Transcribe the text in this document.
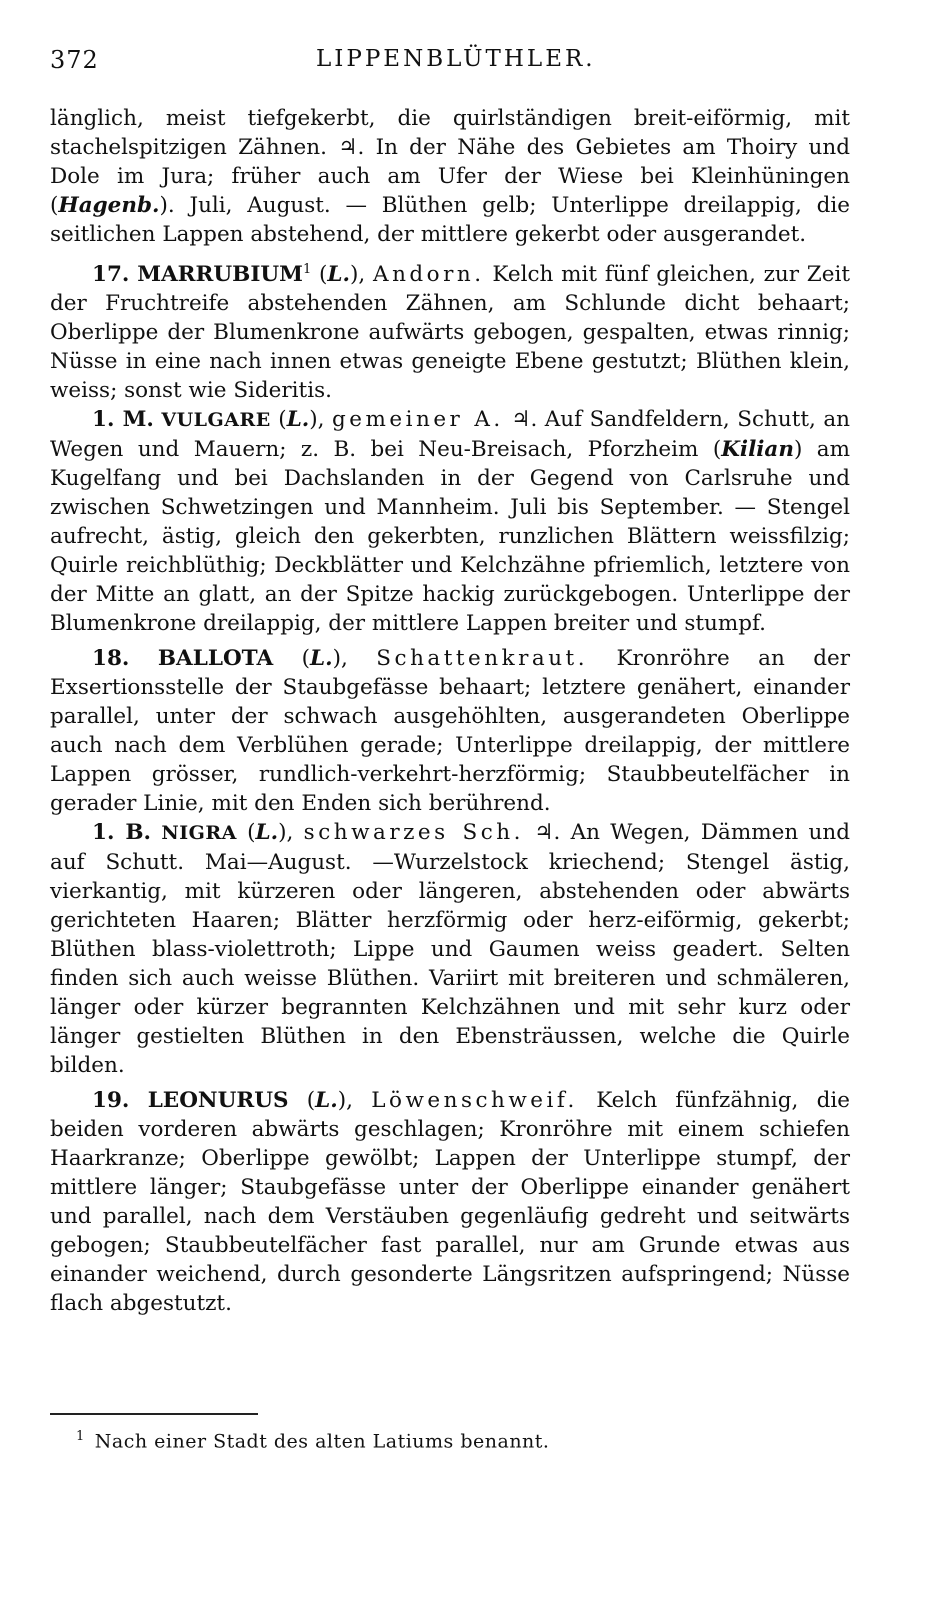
372	LIPPENBLÜTHLER.

länglich, meist tiefgekerbt, die quirlständigen breit-eiförmig, mit stachelspitzigen Zähnen. ♃. In der Nähe des Gebietes am Thoiry und Dole im Jura; früher auch am Ufer der Wiese bei Kleinhüningen (Hagenb.). Juli, August. — Blüthen gelb; Unterlippe dreilappig, die seitlichen Lappen abstehend, der mittlere gekerbt oder ausgerandet.

17. MARRUBIUM$^1$ (L.), Andorn. Kelch mit fünf gleichen, zur Zeit der Fruchtreife abstehenden Zähnen, am Schlunde dicht behaart; Oberlippe der Blumenkrone aufwärts gebogen, gespalten, etwas rinnig; Nüsse in eine nach innen etwas geneigte Ebene gestutzt; Blüthen klein, weiss; sonst wie Sideritis.

1. M. VULGARE (L.), gemeiner A. ♃. Auf Sandfeldern, Schutt, an Wegen und Mauern; z. B. bei Neu-Breisach, Pforzheim (Kilian) am Kugelfang und bei Dachslanden in der Gegend von Carlsruhe und zwischen Schwetzingen und Mannheim. Juli bis September. — Stengel aufrecht, ästig, gleich den gekerbten, runzlichen Blättern weissfilzig; Quirle reichblüthig; Deckblätter und Kelchzähne pfriemlich, letztere von der Mitte an glatt, an der Spitze hackig zurückgebogen. Unterlippe der Blumenkrone dreilappig, der mittlere Lappen breiter und stumpf.

18. BALLOTA (L.), Schattenkraut. Kronröhre an der Exsertionsstelle der Staubgefässe behaart; letztere genähert, einander parallel, unter der schwach ausgehöhlten, ausgerandeten Oberlippe auch nach dem Verblühen gerade; Unterlippe dreilappig, der mittlere Lappen grösser, rundlich-verkehrt-herzförmig; Staubbeutelfächer in gerader Linie, mit den Enden sich berührend.

1. B. NIGRA (L.), schwarzes Sch. ♃. An Wegen, Dämmen und auf Schutt. Mai—August. —Wurzelstock kriechend; Stengel ästig, vierkantig, mit kürzeren oder längeren, abstehenden oder abwärts gerichteten Haaren; Blätter herzförmig oder herz-eiförmig, gekerbt; Blüthen blass-violettroth; Lippe und Gaumen weiss geadert. Selten finden sich auch weisse Blüthen. Variirt mit breiteren und schmäleren, länger oder kürzer begrannten Kelchzähnen und mit sehr kurz oder länger gestielten Blüthen in den Ebensträussen, welche die Quirle bilden.

19. LEONURUS (L.), Löwenschweif. Kelch fünfzähnig, die beiden vorderen abwärts geschlagen; Kronröhre mit einem schiefen Haarkranze; Oberlippe gewölbt; Lappen der Unterlippe stumpf, der mittlere länger; Staubgefässe unter der Oberlippe einander genähert und parallel, nach dem Verstäuben gegenläufig gedreht und seitwärts gebogen; Staubbeutelfächer fast parallel, nur am Grunde etwas aus einander weichend, durch gesonderte Längsritzen aufspringend; Nüsse flach abgestutzt.

$^1$ Nach einer Stadt des alten Latiums benannt.
